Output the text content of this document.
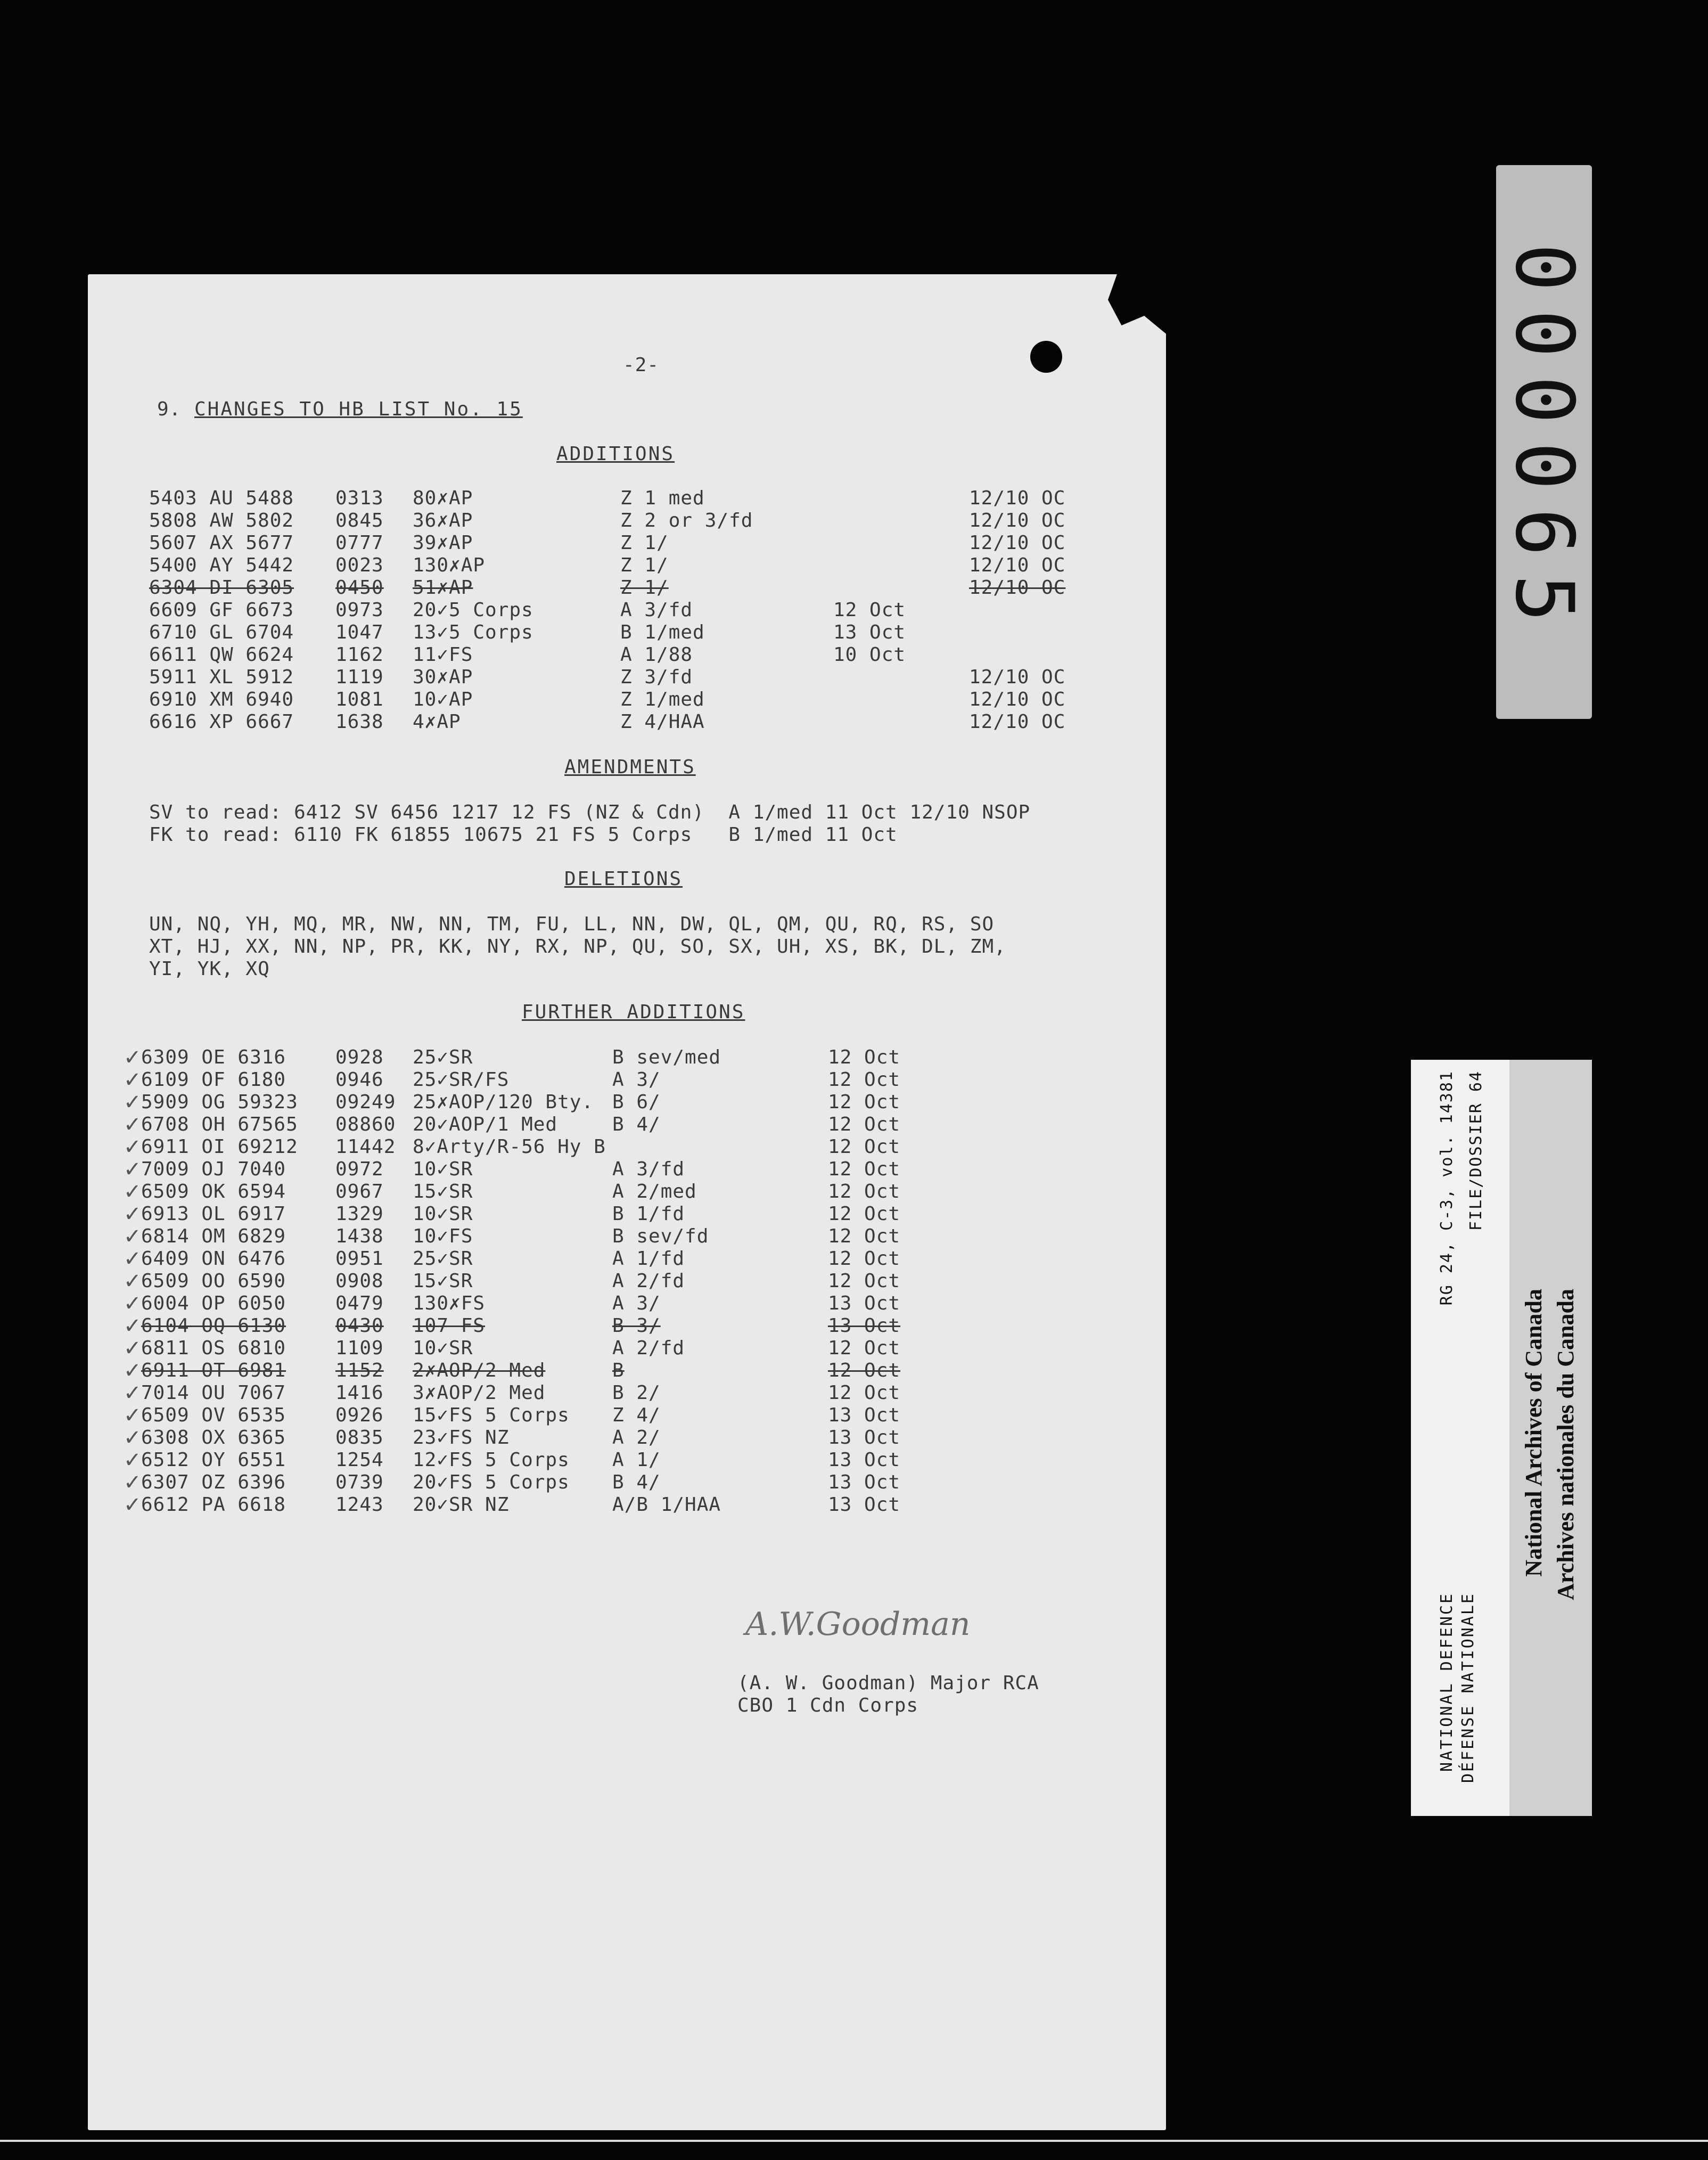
-2-
9. CHANGES TO HB LIST No. 15
ADDITIONS
AMENDMENTS
SV to read: 6412 SV 6456 1217 12 FS (NZ & Cdn)  A 1/med 11 Oct 12/10 NSOP
FK to read: 6110 FK 61855 10675 21 FS 5 Corps   B 1/med 11 Oct
DELETIONS
UN, NQ, YH, MQ, MR, NW, NN, TM, FU, LL, NN, DW, QL, QM, QU, RQ, RS, SO
XT, HJ, XX, NN, NP, PR, KK, NY, RX, NP, QU, SO, SX, UH, XS, BK, DL, ZM,
YI, YK, XQ
FURTHER ADDITIONS
A.W.Goodman
(A. W. Goodman) Major RCA
CBO 1 Cdn Corps
000065
NATIONAL DEFENCE DÉFENSE NATIONALE
RG 24, C-3, vol. 14381 FILE/DOSSIER 64
National Archives of Canada Archives nationales du Canada
5403 AU 5488 0313 80✗AP	Z 1 med	12/10 OC
5808 AW 5802 0845 36✗AP	Z 2 or 3/fd	12/10 OC
5607 AX 5677 0777 39✗AP	Z 1/	12/10 OC
5400 AY 5442 0023 130✗AP	Z 1/	12/10 OC
6304 DI 6305 0450 51✗AP	Z 1/	12/10 OC
6609 GF 6673 0973 20✓5 Corps	A 3/fd	12 Oct
6710 GL 6704 1047 13✓5 Corps	B 1/med	13 Oct
6611 QW 6624 1162 11✓FS	A 1/88	10 Oct
5911 XL 5912 1119 30✗AP	Z 3/fd	12/10 OC
6910 XM 6940 1081 10✓AP	Z 1/med	12/10 OC
6616 XP 6667 1638 4✗AP	Z 4/HAA	12/10 OC
✓ 6309 OE 6316	0928 25✓SR	B sev/med	12 Oct
✓ 6109 OF 6180	0946 25✓SR/FS	A 3/	12 Oct
✓ 5909 OG 59323 09249 25✗AOP/120 Bty. B 6/	12 Oct
✓ 6708 OH 67565 08860 20✓AOP/1 Med	B 4/	12 Oct
✓ 6911 OI 69212 11442 8✓Arty/R-56 Hy B	12 Oct
✓ 7009 OJ 7040	0972 10✓SR	A 3/fd	12 Oct
✓ 6509 OK 6594	0967 15✓SR	A 2/med	12 Oct
✓ 6913 OL 6917	1329 10✓SR	B 1/fd	12 Oct
✓ 6814 OM 6829	1438 10✓FS	B sev/fd	12 Oct
✓ 6409 ON 6476	0951 25✓SR	A 1/fd	12 Oct
✓ 6509 OO 6590	0908 15✓SR	A 2/fd	12 Oct
✓ 6004 OP 6050	0479 130✗FS	A 3/	13 Oct
✓ 6104 OQ 6130	0430 107 FS	B 3/	13 Oct
✓ 6811 OS 6810	1109 10✓SR	A 2/fd	12 Oct
✓ 6911 OT 6981	1152 2✗AOP/2 Med	B	12 Oct
✓ 7014 OU 7067	1416 3✗AOP/2 Med	B 2/	12 Oct
✓ 6509 OV 6535	0926 15✓FS 5 Corps Z 4/	13 Oct
✓ 6308 OX 6365	0835 23✓FS NZ	A 2/	13 Oct
✓ 6512 OY 6551	1254 12✓FS 5 Corps A 1/	13 Oct
✓ 6307 OZ 6396	0739 20✓FS 5 Corps B 4/	13 Oct
✓ 6612 PA 6618	1243 20✓SR NZ	A/B 1/HAA	13 Oct
